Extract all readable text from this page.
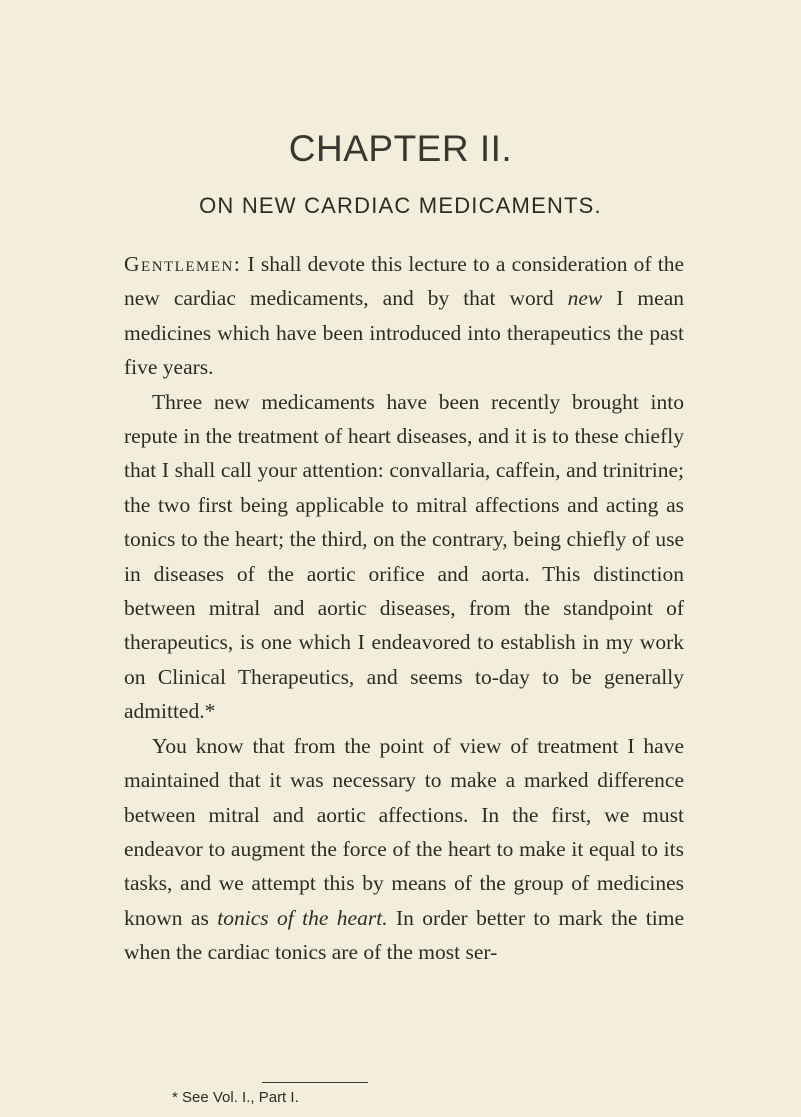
CHAPTER II.
ON NEW CARDIAC MEDICAMENTS.

Gentlemen: I shall devote this lecture to a consideration of the new cardiac medicaments, and by that word new I mean medicines which have been introduced into therapeutics the past five years.

Three new medicaments have been recently brought into repute in the treatment of heart diseases, and it is to these chiefly that I shall call your attention: convallaria, caffein, and trinitrine; the two first being applicable to mitral affections and acting as tonics to the heart; the third, on the contrary, being chiefly of use in diseases of the aortic orifice and aorta. This distinction between mitral and aortic diseases, from the standpoint of therapeutics, is one which I endeavored to establish in my work on Clinical Therapeutics, and seems to-day to be generally admitted.*

You know that from the point of view of treatment I have maintained that it was necessary to make a marked difference between mitral and aortic affections. In the first, we must endeavor to augment the force of the heart to make it equal to its tasks, and we attempt this by means of the group of medicines known as tonics of the heart. In order better to mark the time when the cardiac tonics are of the most ser-

* See Vol. I., Part I.
